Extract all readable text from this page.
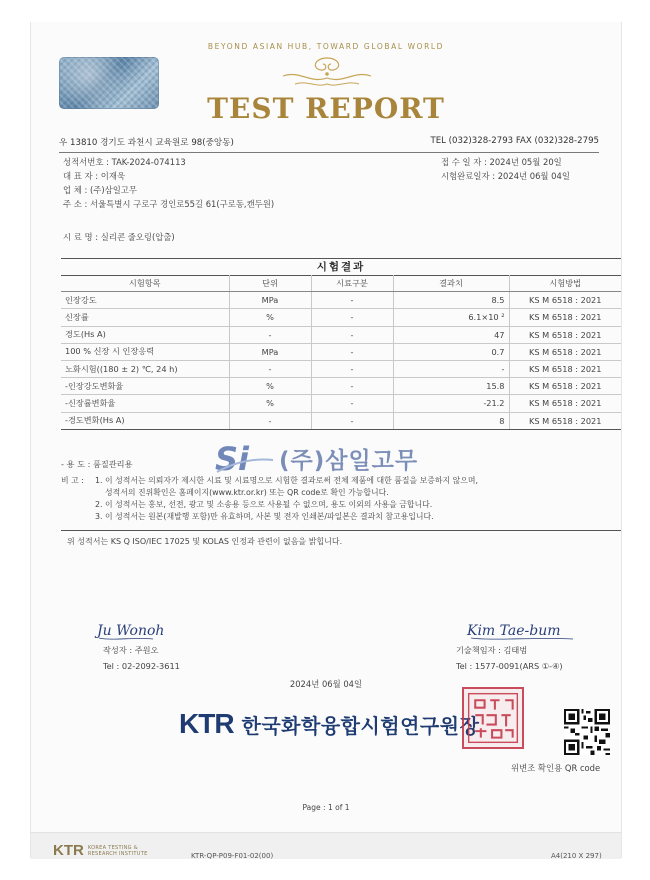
BEYOND ASIAN HUB, TOWARD GLOBAL WORLD
TEST REPORT
우 13810 경기도 과천시 교육원로 98(중앙동)	TEL (032)328-2793 FAX (032)328-2795
성적서번호 : TAK-2024-074113
대 표 자 : 이재욱
업 체 : (주)삼일고무
주 소 : 서울특별시 구로구 경인로55길 61(구로동,캔두원)
접 수 일 자 : 2024년 05월 20일
시험완료일자 : 2024년 06월 04일
시 료 명 : 실리콘 줄오링(압출)
시험결과
시험항목	단위	시료구분	결과치	시험방법
인장강도	MPa	-	8.5	KS M 6518 : 2021
신장률	%	-	6.1×10 ²	KS M 6518 : 2021
경도(Hs A)	-	-	47	KS M 6518 : 2021
100 % 신장 시 인장응력	MPa	-	0.7	KS M 6518 : 2021
노화시험((180 ± 2) ℃, 24 h)	-	-	-	KS M 6518 : 2021
-인장강도변화율	%	-	15.8	KS M 6518 : 2021
-신장률변화율	%	-	-21.2	KS M 6518 : 2021
-경도변화(Hs A)	-	-	8	KS M 6518 : 2021
Si (주)삼일고무
- 용 도 : 품질관리용
비 고 :	1. 이 성적서는 의뢰자가 제시한 시료 및 시료명으로 시험한 결과로써 전체 제품에 대한 품질을 보증하지 않으며,
성적서의 진위확인은 홈페이지(www.ktr.or.kr) 또는 QR code로 확인 가능합니다.
2. 이 성적서는 홍보, 선전, 광고 및 소송용 등으로 사용될 수 없으며, 용도 이외의 사용을 금합니다.
3. 이 성적서는 원본(재발행 포함)만 유효하며, 사본 및 전자 인쇄본/파일본은 결과치 참고용입니다.
위 성적서는 KS Q ISO/IEC 17025 및 KOLAS 인정과 관련이 없음을 밝힙니다.
Ju Wonoh	Kim Tae-bum
작성자 : 주원오
Tel : 02-2092-3611
기술책임자 : 김태범
Tel : 1577-0091(ARS ①-④)
2024년 06월 04일
KTR 한국화학융합시험연구원장
위변조 확인용 QR code
Page : 1 of 1
KTR KOREA TESTING &
RESEARCH INSTITUTE	KTR-QP-P09-F01-02(00)	A4(210 X 297)
